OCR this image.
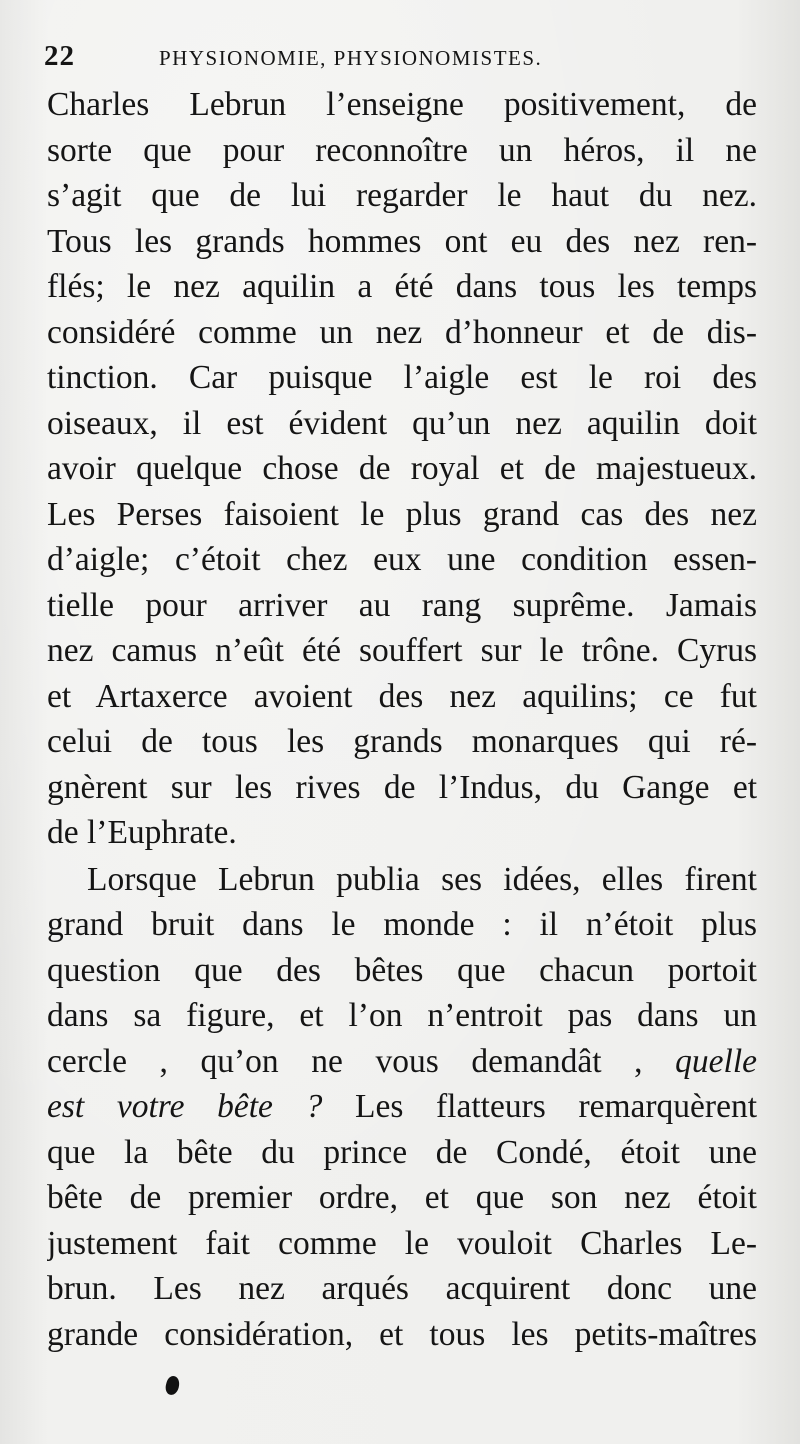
22	PHYSIONOMIE, PHYSIONOMISTES.
Charles Lebrun l’enseigne positivement, de
sorte que pour reconnoître un héros, il ne
s’agit que de lui regarder le haut du nez.
Tous les grands hommes ont eu des nez ren-
flés; le nez aquilin a été dans tous les temps
considéré comme un nez d’honneur et de dis-
tinction. Car puisque l’aigle est le roi des
oiseaux, il est évident qu’un nez aquilin doit
avoir quelque chose de royal et de majestueux.
Les Perses faisoient le plus grand cas des nez
d’aigle; c’étoit chez eux une condition essen-
tielle pour arriver au rang suprême. Jamais
nez camus n’eût été souffert sur le trône. Cyrus
et Artaxerce avoient des nez aquilins; ce fut
celui de tous les grands monarques qui ré-
gnèrent sur les rives de l’Indus, du Gange et
de l’Euphrate.
Lorsque Lebrun publia ses idées, elles firent
grand bruit dans le monde : il n’étoit plus
question que des bêtes que chacun portoit
dans sa figure, et l’on n’entroit pas dans un
cercle , qu’on ne vous demandât , quelle
est votre bête ? Les flatteurs remarquèrent
que la bête du prince de Condé, étoit une
bête de premier ordre, et que son nez étoit
justement fait comme le vouloit Charles Le-
brun. Les nez arqués acquirent donc une
grande considération, et tous les petits-maîtres
